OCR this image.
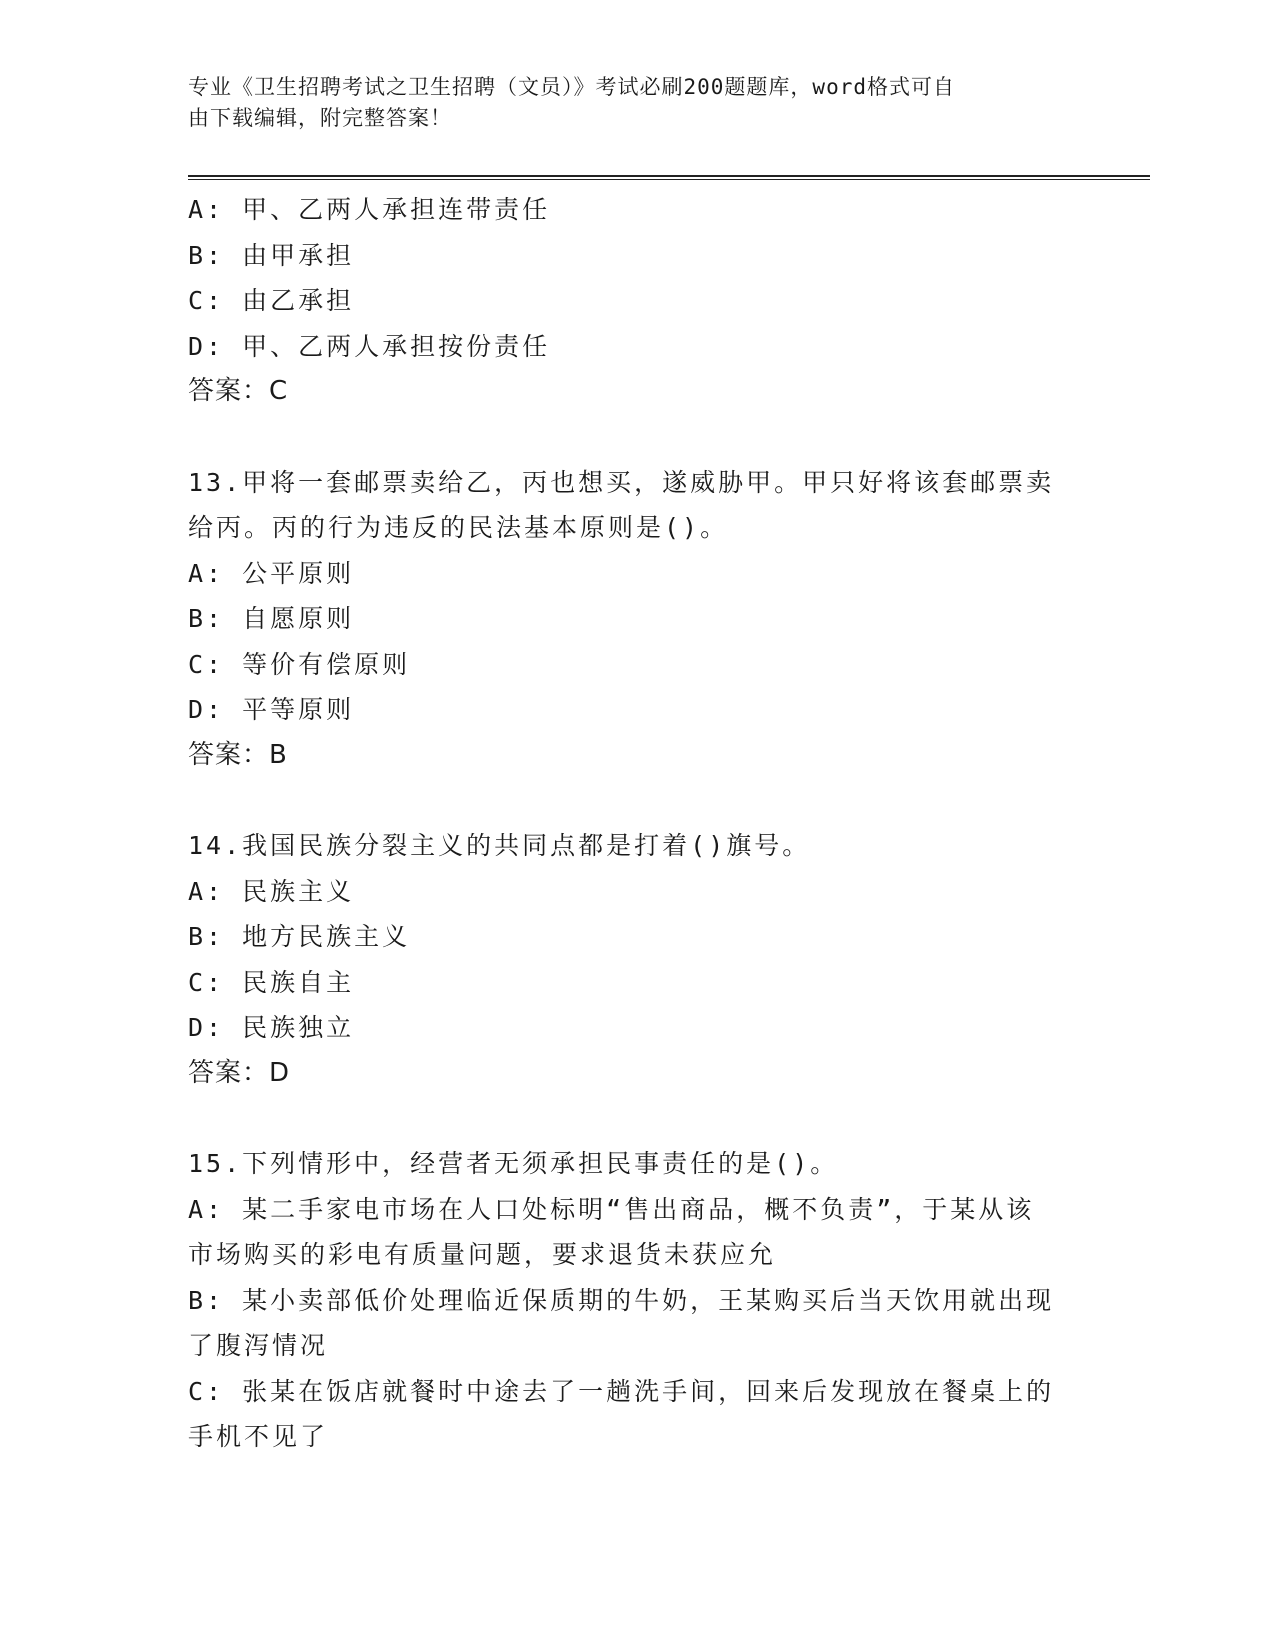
专业《卫生招聘考试之卫生招聘（文员）》考试必刷200题题库，word格式可自
由下载编辑，附完整答案！
A: 甲、乙两人承担连带责任
B: 由甲承担
C: 由乙承担
D: 甲、乙两人承担按份责任
答案：C
13.甲将一套邮票卖给乙，丙也想买，遂威胁甲。甲只好将该套邮票卖
给丙。丙的行为违反的民法基本原则是()。
A: 公平原则
B: 自愿原则
C: 等价有偿原则
D: 平等原则
答案：B
14.我国民族分裂主义的共同点都是打着()旗号。
A: 民族主义
B: 地方民族主义
C: 民族自主
D: 民族独立
答案：D
15.下列情形中，经营者无须承担民事责任的是()。
A: 某二手家电市场在人口处标明“售出商品，概不负责”，于某从该
市场购买的彩电有质量问题，要求退货未获应允
B: 某小卖部低价处理临近保质期的牛奶，王某购买后当天饮用就出现
了腹泻情况
C: 张某在饭店就餐时中途去了一趟洗手间，回来后发现放在餐桌上的
手机不见了
